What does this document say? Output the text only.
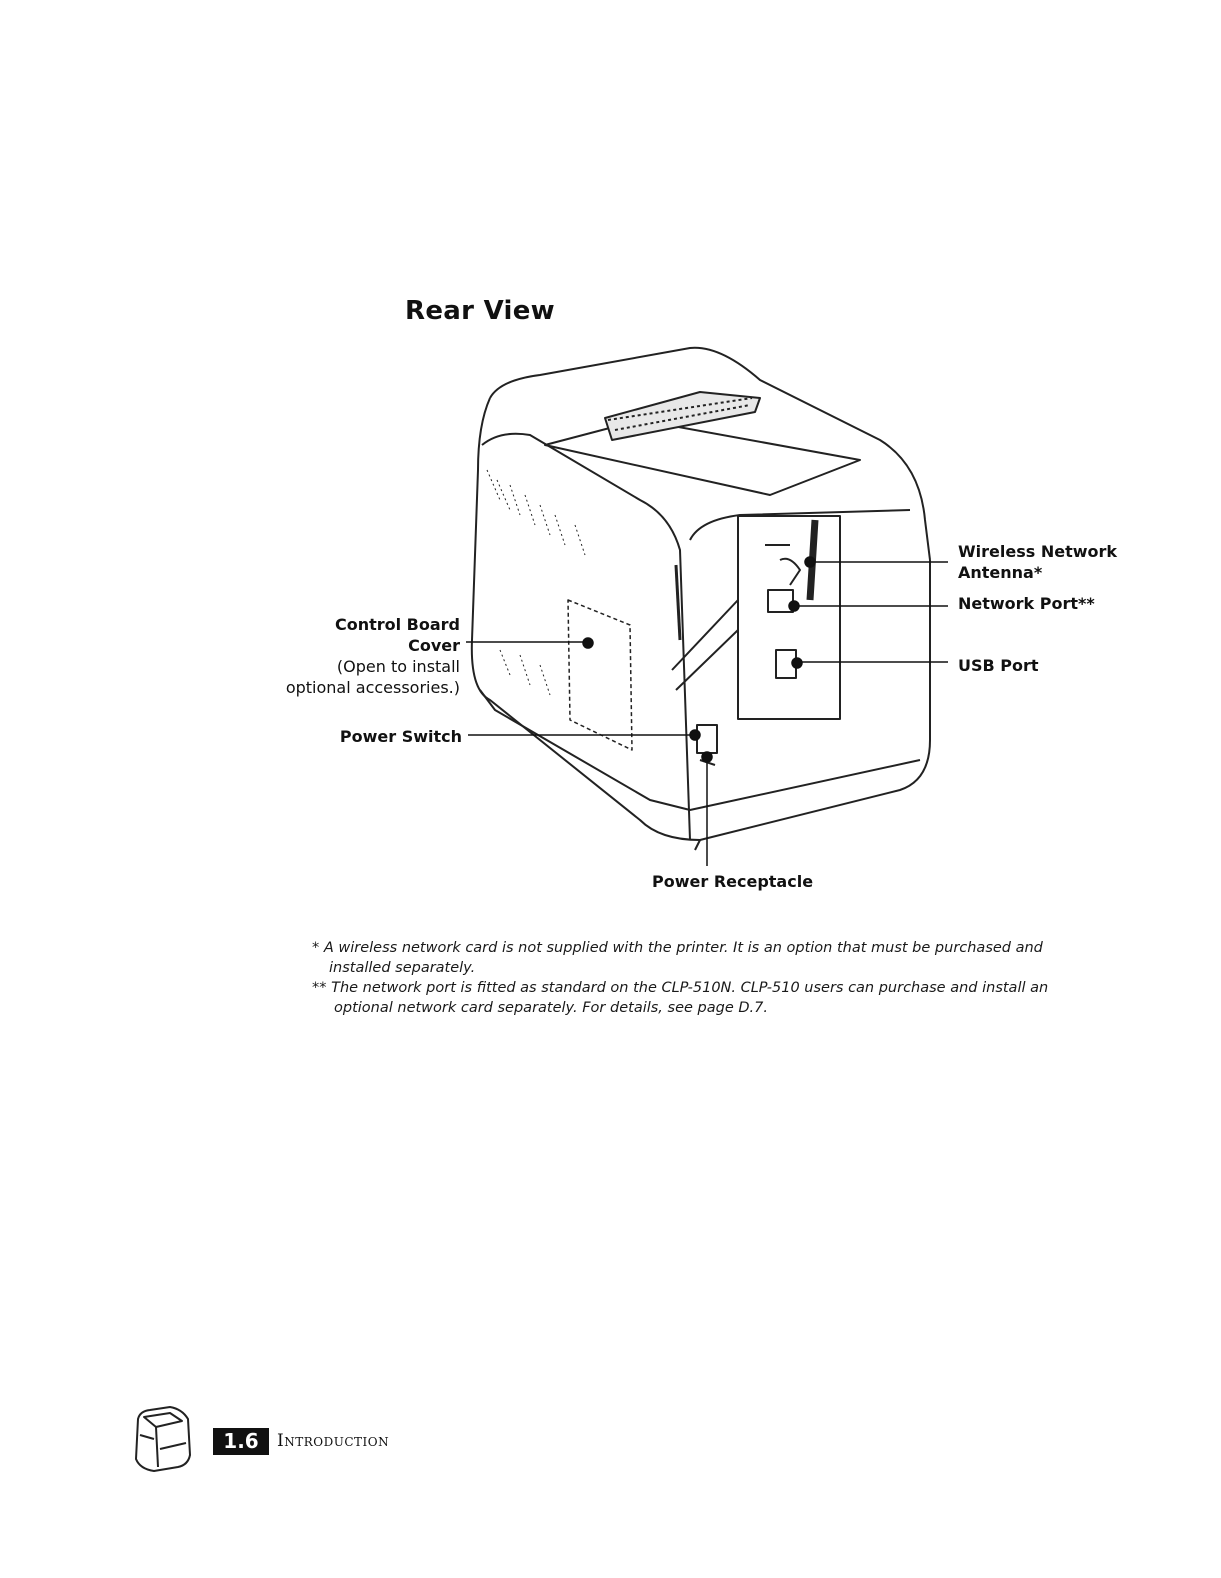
Rear View
Control Board
Cover
(Open to install
optional accessories.)
Power Switch
Wireless Network
Antenna*
Network Port**
USB Port
Power Receptacle
* A wireless network card is not supplied with the printer. It is an option that must be purchased and
installed separately.
** The network port is fitted as standard on the CLP-510N. CLP-510 users can purchase and install an
optional network card separately. For details, see page D.7.
1.6	Introduction
